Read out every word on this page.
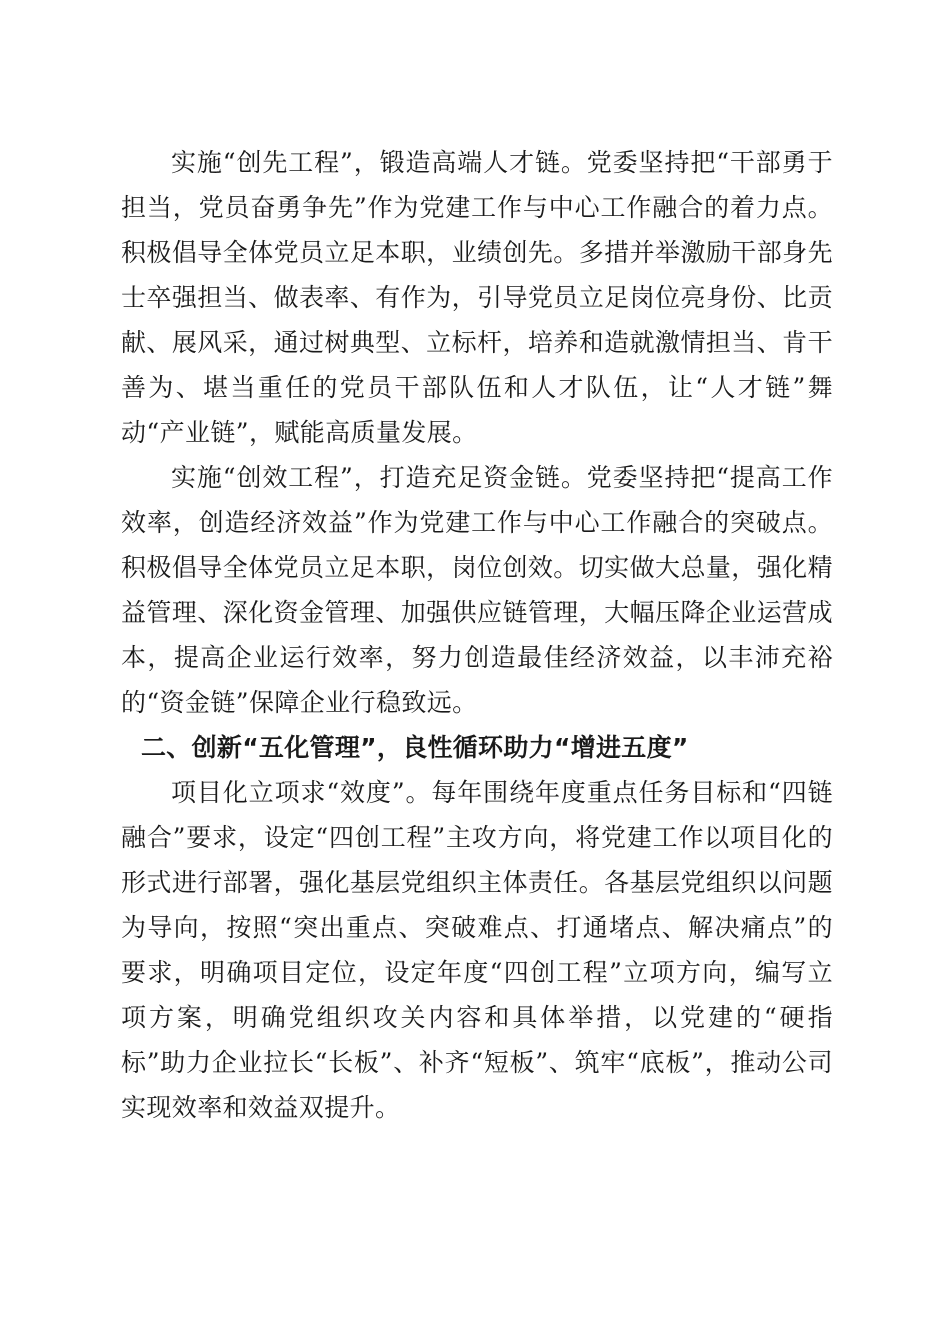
实施“创先工程”，锻造高端人才链。党委坚持把“干部勇于担当，党员奋勇争先”作为党建工作与中心工作融合的着力点。积极倡导全体党员立足本职，业绩创先。多措并举激励干部身先士卒强担当、做表率、有作为，引导党员立足岗位亮身份、比贡献、展风采，通过树典型、立标杆，培养和造就激情担当、肯干善为、堪当重任的党员干部队伍和人才队伍，让“人才链”舞动“产业链”，赋能高质量发展。

实施“创效工程”，打造充足资金链。党委坚持把“提高工作效率，创造经济效益”作为党建工作与中心工作融合的突破点。积极倡导全体党员立足本职，岗位创效。切实做大总量，强化精益管理、深化资金管理、加强供应链管理，大幅压降企业运营成本，提高企业运行效率，努力创造最佳经济效益，以丰沛充裕的“资金链”保障企业行稳致远。

二、创新“五化管理”，良性循环助力“增进五度”

项目化立项求“效度”。每年围绕年度重点任务目标和“四链融合”要求，设定“四创工程”主攻方向，将党建工作以项目化的形式进行部署，强化基层党组织主体责任。各基层党组织以问题为导向，按照“突出重点、突破难点、打通堵点、解决痛点”的要求，明确项目定位，设定年度“四创工程”立项方向，编写立项方案，明确党组织攻关内容和具体举措，以党建的“硬指标”助力企业拉长“长板”、补齐“短板”、筑牢“底板”，推动公司实现效率和效益双提升。
